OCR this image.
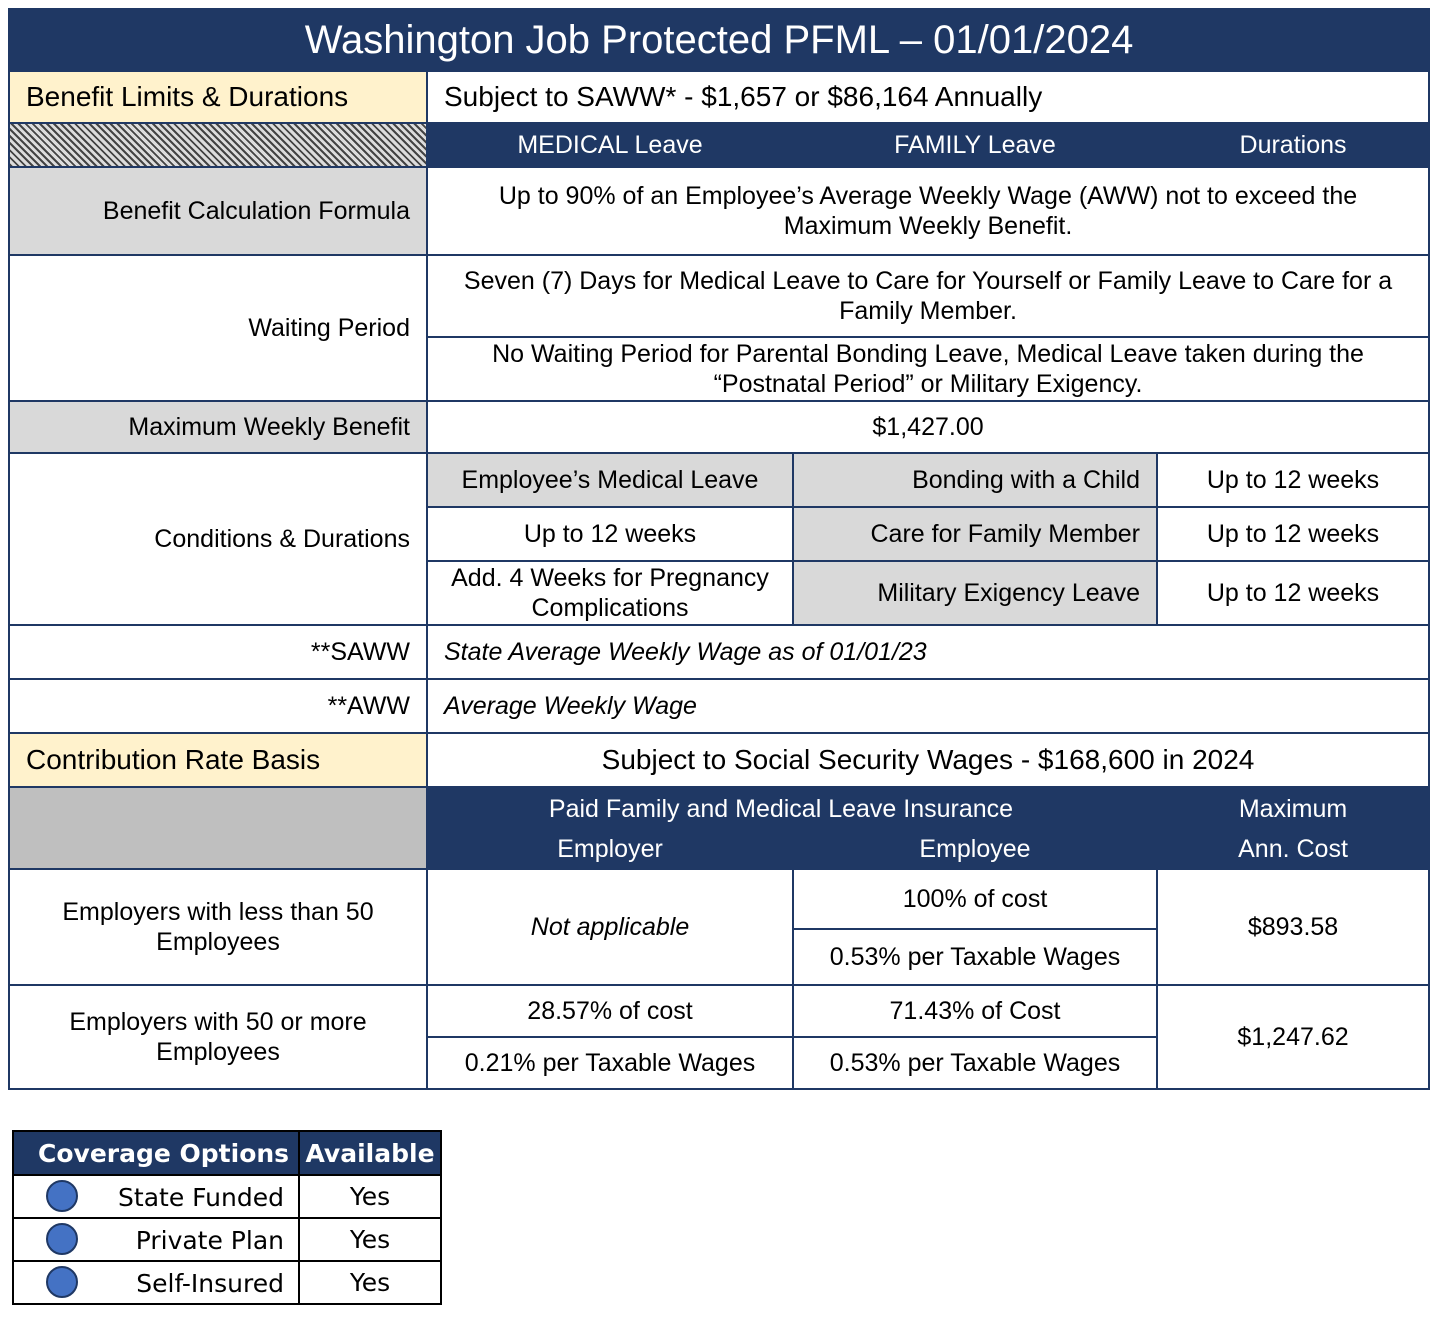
Washington Job Protected PFML – 01/01/2024			
Benefit Limits & Durations	Subject to SAWW* - $1,657 or $86,164 Annually		
	MEDICAL Leave	FAMILY Leave	Durations
Benefit Calculation Formula	Up to 90% of an Employee’s Average Weekly Wage (AWW) not to exceed the Maximum Weekly Benefit.		
Waiting Period	Seven (7) Days for Medical Leave to Care for Yourself or Family Leave to Care for a Family Member.		
	No Waiting Period for Parental Bonding Leave, Medical Leave taken during the “Postnatal Period” or Military Exigency.		
Maximum Weekly Benefit	$1,427.00		
Conditions & Durations	Employee’s Medical Leave	Bonding with a Child	Up to 12 weeks
	Up to 12 weeks	Care for Family Member	Up to 12 weeks
	Add. 4 Weeks for Pregnancy Complications	Military Exigency Leave	Up to 12 weeks
**SAWW	State Average Weekly Wage as of 01/01/23		
**AWW	Average Weekly Wage		
Contribution Rate Basis	Subject to Social Security Wages - $168,600 in 2024		
	Paid Family and Medical Leave Insurance		Maximum
	Employer	Employee	Ann. Cost
Employers with less than 50 Employees	Not applicable	100% of cost	$893.58
		0.53% per Taxable Wages	
Employers with 50 or more Employees	28.57% of cost	71.43% of Cost	$1,247.62
	0.21% per Taxable Wages	0.53% per Taxable Wages	
Coverage Options	Available

State Funded	Yes

Private Plan	Yes

Self-Insured	Yes
